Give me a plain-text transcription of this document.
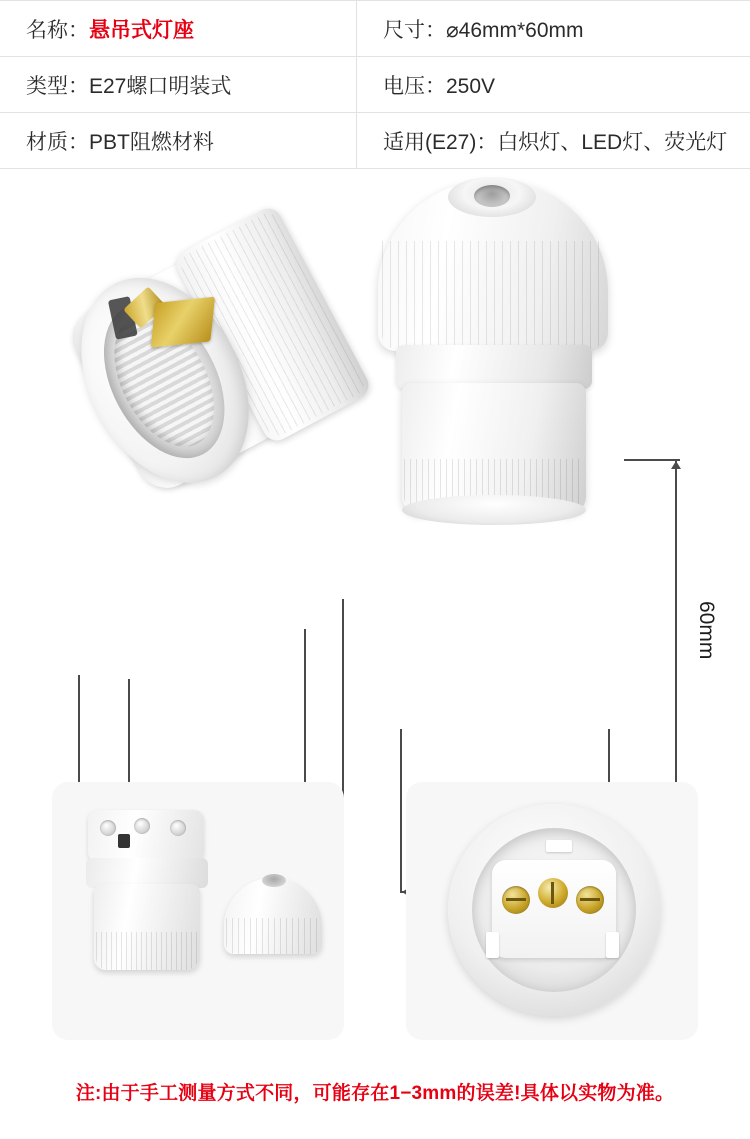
名称：悬吊式灯座	尺寸：⌀46mm*60mm
类型：E27螺口明装式	电压：250V
材质：PBT阻燃材料	适用(E27)：白炽灯、LED灯、荧光灯
60mm
注:由于手工测量方式不同，可能存在1−3mm的误差!具体以实物为准。
